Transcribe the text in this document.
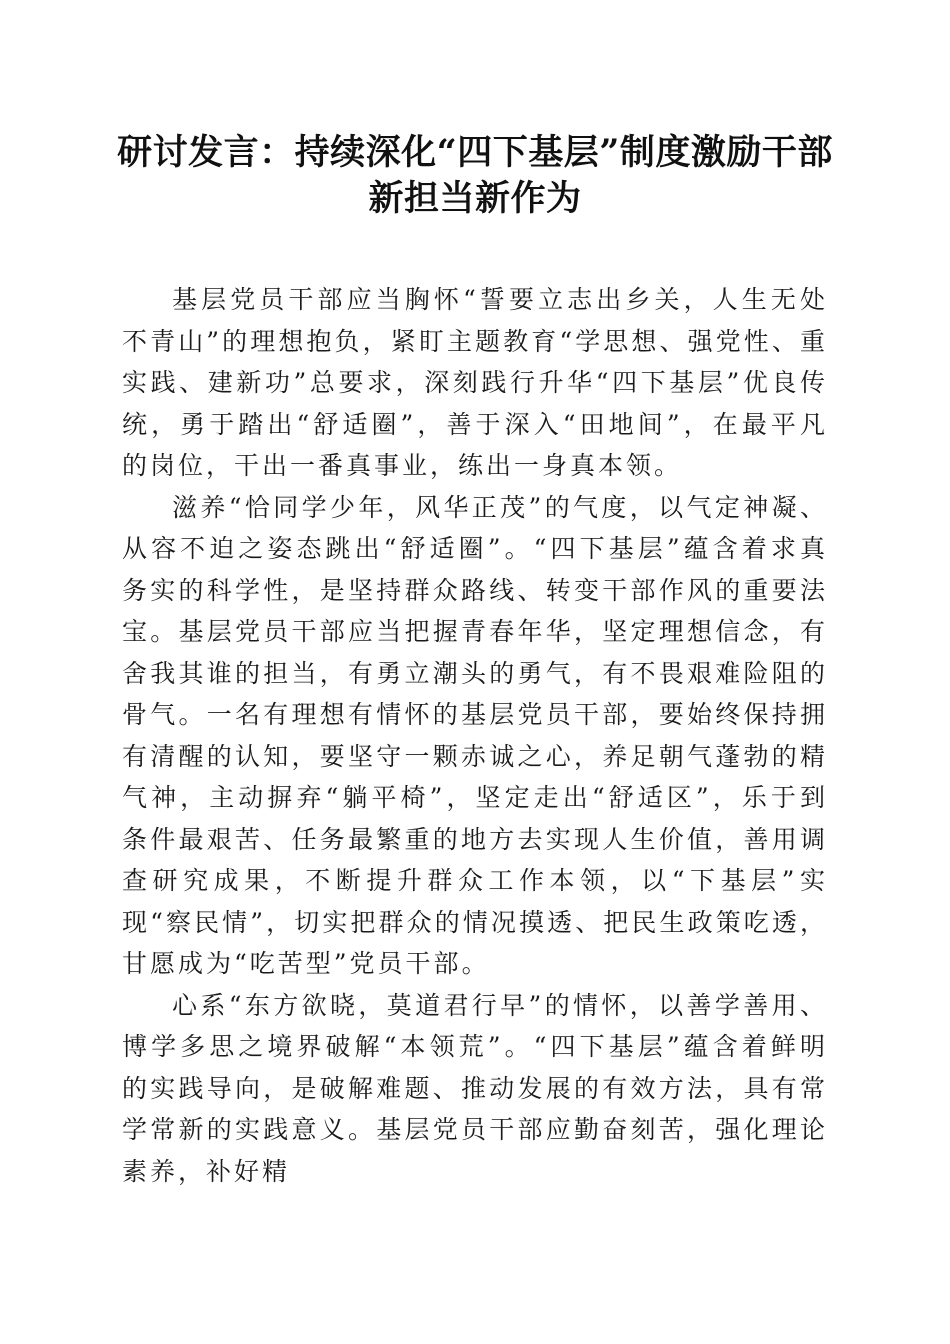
研讨发言：持续深化“四下基层”制度激励干部新担当新作为

基层党员干部应当胸怀“誓要立志出乡关，人生无处不青山”的理想抱负，紧盯主题教育“学思想、强党性、重实践、建新功”总要求，深刻践行升华“四下基层”优良传统，勇于踏出“舒适圈”，善于深入“田地间”，在最平凡的岗位，干出一番真事业，练出一身真本领。

滋养“恰同学少年，风华正茂”的气度，以气定神凝、从容不迫之姿态跳出“舒适圈”。“四下基层”蕴含着求真务实的科学性，是坚持群众路线、转变干部作风的重要法宝。基层党员干部应当把握青春年华，坚定理想信念，有舍我其谁的担当，有勇立潮头的勇气，有不畏艰难险阻的骨气。一名有理想有情怀的基层党员干部，要始终保持拥有清醒的认知，要坚守一颗赤诚之心，养足朝气蓬勃的精气神，主动摒弃“躺平椅”，坚定走出“舒适区”，乐于到条件最艰苦、任务最繁重的地方去实现人生价值，善用调查研究成果，不断提升群众工作本领，以“下基层”实现“察民情”，切实把群众的情况摸透、把民生政策吃透，甘愿成为“吃苦型”党员干部。

心系“东方欲晓，莫道君行早”的情怀，以善学善用、博学多思之境界破解“本领荒”。“四下基层”蕴含着鲜明的实践导向，是破解难题、推动发展的有效方法，具有常学常新的实践意义。基层党员干部应勤奋刻苦，强化理论素养，补好精
